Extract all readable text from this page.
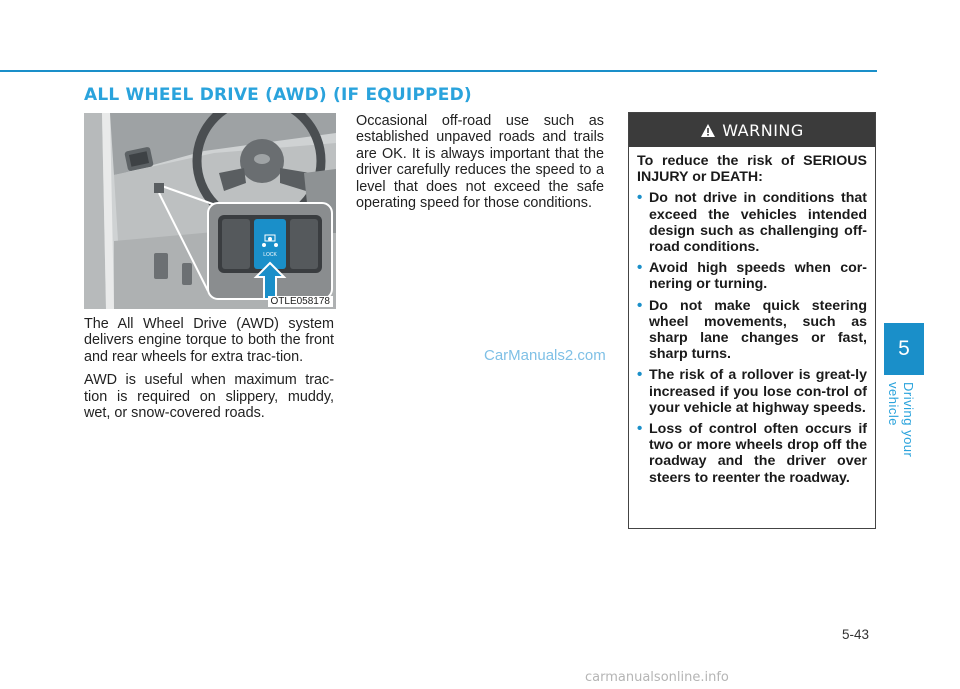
ALL WHEEL DRIVE (AWD) (IF EQUIPPED)
LOCK
OTLE058178

The All Wheel Drive (AWD) system delivers engine torque to both the front and rear wheels for extra trac-tion.

AWD is useful when maximum trac-tion is required on slippery, muddy, wet, or snow-covered roads.

Occasional off-road use such as established unpaved roads and trails are OK. It is always important that the driver carefully reduces the speed to a level that does not exceed the safe operating speed for those conditions.

CarManuals2.com
WARNING

To reduce the risk of SERIOUS INJURY or DEATH:

• Do not drive in conditions that exceed the vehicles intended design such as challenging off-road conditions.
• Avoid high speeds when cor-nering or turning.
• Do not make quick steering wheel movements, such as sharp lane changes or fast, sharp turns.
• The risk of a rollover is great-ly increased if you lose con-trol of your vehicle at highway speeds.
• Loss of control often occurs if two or more wheels drop off the roadway and the driver over steers to reenter the roadway.
5
Driving your vehicle
5-43
carmanualsonline.info
